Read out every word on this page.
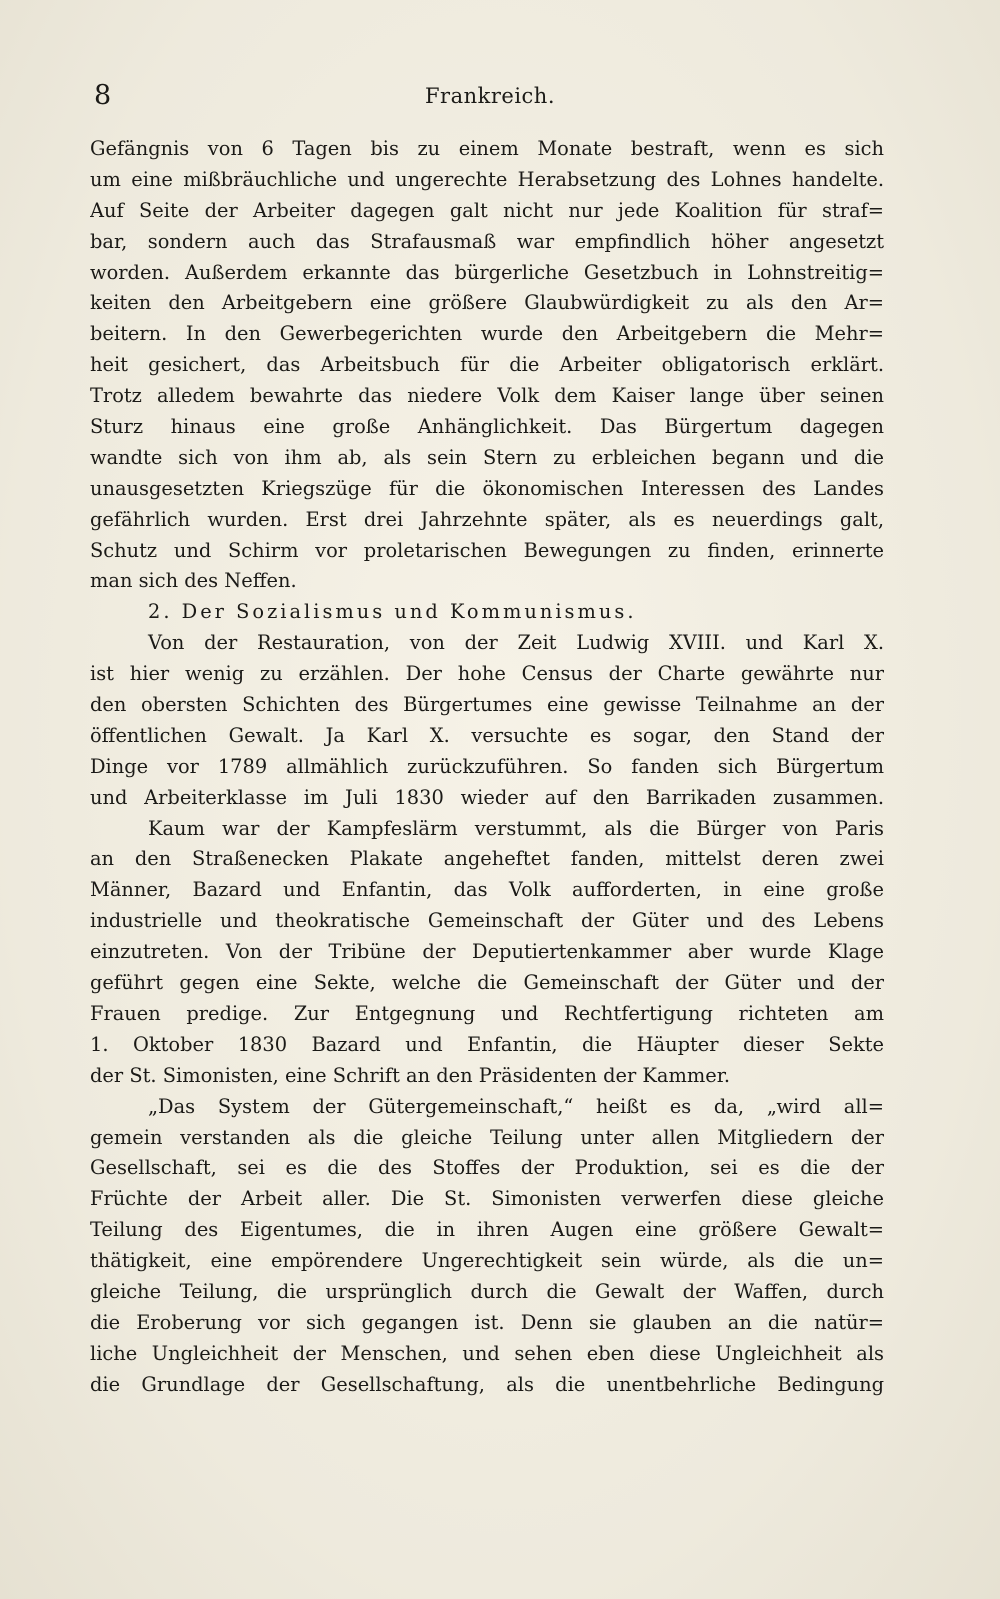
8	Frankreich.
Gefängnis von 6 Tagen bis zu einem Monate bestraft, wenn es sich
um eine mißbräuchliche und ungerechte Herabsetzung des Lohnes handelte.
Auf Seite der Arbeiter dagegen galt nicht nur jede Koalition für straf=
bar, sondern auch das Strafausmaß war empfindlich höher angesetzt
worden. Außerdem erkannte das bürgerliche Gesetzbuch in Lohnstreitig=
keiten den Arbeitgebern eine größere Glaubwürdigkeit zu als den Ar=
beitern. In den Gewerbegerichten wurde den Arbeitgebern die Mehr=
heit gesichert, das Arbeitsbuch für die Arbeiter obligatorisch erklärt.
Trotz alledem bewahrte das niedere Volk dem Kaiser lange über seinen
Sturz hinaus eine große Anhänglichkeit. Das Bürgertum dagegen
wandte sich von ihm ab, als sein Stern zu erbleichen begann und die
unausgesetzten Kriegszüge für die ökonomischen Interessen des Landes
gefährlich wurden. Erst drei Jahrzehnte später, als es neuerdings galt,
Schutz und Schirm vor proletarischen Bewegungen zu finden, erinnerte
man sich des Neffen.
2. Der Sozialismus und Kommunismus.
Von der Restauration, von der Zeit Ludwig XVIII. und Karl X.
ist hier wenig zu erzählen. Der hohe Census der Charte gewährte nur
den obersten Schichten des Bürgertumes eine gewisse Teilnahme an der
öffentlichen Gewalt. Ja Karl X. versuchte es sogar, den Stand der
Dinge vor 1789 allmählich zurückzuführen. So fanden sich Bürgertum
und Arbeiterklasse im Juli 1830 wieder auf den Barrikaden zusammen.
Kaum war der Kampfeslärm verstummt, als die Bürger von Paris
an den Straßenecken Plakate angeheftet fanden, mittelst deren zwei
Männer, Bazard und Enfantin, das Volk aufforderten, in eine große
industrielle und theokratische Gemeinschaft der Güter und des Lebens
einzutreten. Von der Tribüne der Deputiertenkammer aber wurde Klage
geführt gegen eine Sekte, welche die Gemeinschaft der Güter und der
Frauen predige. Zur Entgegnung und Rechtfertigung richteten am
1. Oktober 1830 Bazard und Enfantin, die Häupter dieser Sekte
der St. Simonisten, eine Schrift an den Präsidenten der Kammer.
„Das System der Gütergemeinschaft,“ heißt es da, „wird all=
gemein verstanden als die gleiche Teilung unter allen Mitgliedern der
Gesellschaft, sei es die des Stoffes der Produktion, sei es die der
Früchte der Arbeit aller. Die St. Simonisten verwerfen diese gleiche
Teilung des Eigentumes, die in ihren Augen eine größere Gewalt=
thätigkeit, eine empörendere Ungerechtigkeit sein würde, als die un=
gleiche Teilung, die ursprünglich durch die Gewalt der Waffen, durch
die Eroberung vor sich gegangen ist. Denn sie glauben an die natür=
liche Ungleichheit der Menschen, und sehen eben diese Ungleichheit als
die Grundlage der Gesellschaftung, als die unentbehrliche Bedingung
